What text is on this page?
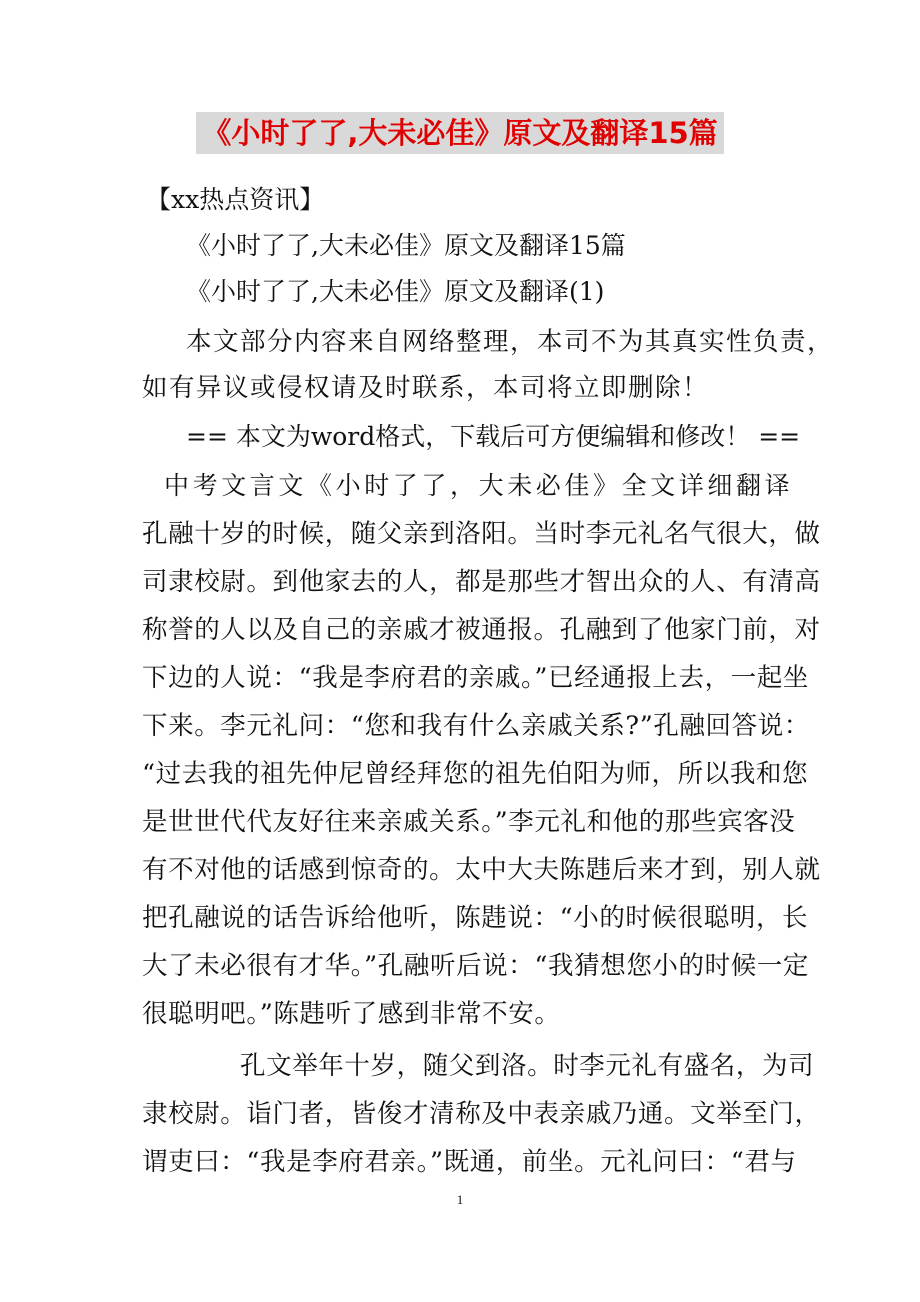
《小时了了,大未必佳》原文及翻译15篇
【xx热点资讯】
《小时了了,大未必佳》原文及翻译15篇
《小时了了,大未必佳》原文及翻译(1)
本文部分内容来自网络整理，本司不为其真实性负责，
如有异议或侵权请及时联系，本司将立即删除！
== 本文为word格式，下载后可方便编辑和修改！ ==
中考文言文《小时了了，大未必佳》全文详细翻译
孔融十岁的时候，随父亲到洛阳。当时李元礼名气很大，做
司隶校尉。到他家去的人，都是那些才智出众的人、有清高
称誉的人以及自己的亲戚才被通报。孔融到了他家门前，对
下边的人说：“我是李府君的亲戚。”已经通报上去，一起坐
下来。李元礼问：“您和我有什么亲戚关系?”孔融回答说：
“过去我的祖先仲尼曾经拜您的祖先伯阳为师，所以我和您
是世世代代友好往来亲戚关系。”李元礼和他的那些宾客没
有不对他的话感到惊奇的。太中大夫陈韪后来才到，别人就
把孔融说的话告诉给他听，陈韪说：“小的时候很聪明，长
大了未必很有才华。”孔融听后说：“我猜想您小的时候一定
很聪明吧。”陈韪听了感到非常不安。
孔文举年十岁，随父到洛。时李元礼有盛名，为司
隶校尉。诣门者，皆俊才清称及中表亲戚乃通。文举至门，
谓吏曰：“我是李府君亲。”既通，前坐。元礼问曰：“君与
1
